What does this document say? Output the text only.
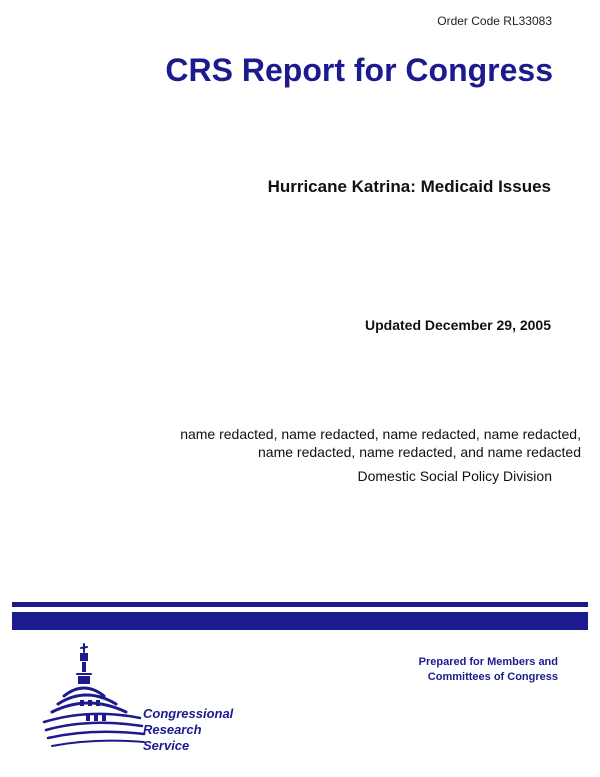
Order Code RL33083
CRS Report for Congress
Hurricane Katrina: Medicaid Issues
Updated December 29, 2005
name redacted, name redacted, name redacted, name redacted,
name redacted, name redacted, and name redacted
Domestic Social Policy Division
Prepared for Members and
Committees of Congress
Congressional
Research
Service
